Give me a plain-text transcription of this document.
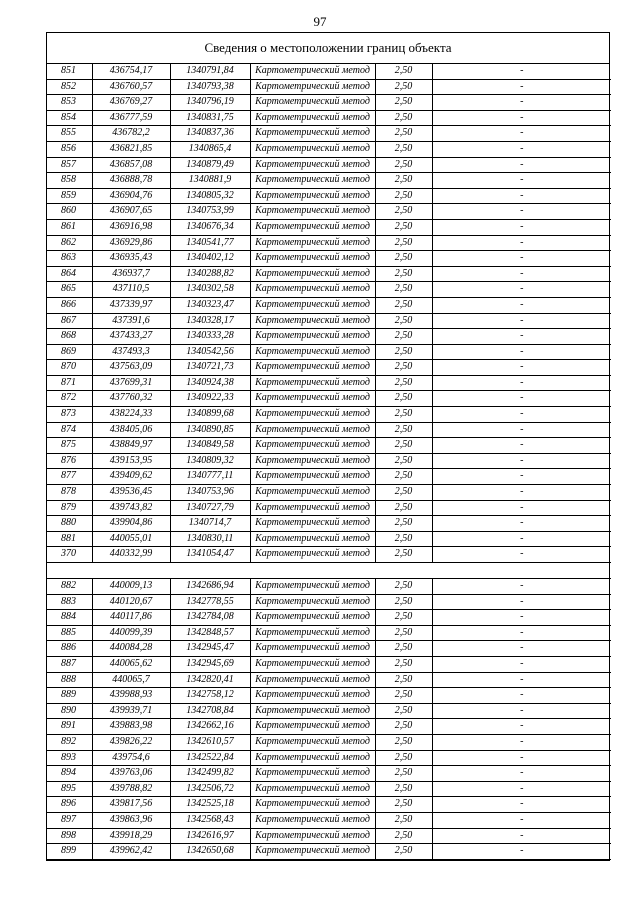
97
Сведения о местоположении границ объекта
851	436754,17	1340791,84	Картометрический метод	2,50	-
852	436760,57	1340793,38	Картометрический метод	2,50	-
853	436769,27	1340796,19	Картометрический метод	2,50	-
854	436777,59	1340831,75	Картометрический метод	2,50	-
855	436782,2	1340837,36	Картометрический метод	2,50	-
856	436821,85	1340865,4	Картометрический метод	2,50	-
857	436857,08	1340879,49	Картометрический метод	2,50	-
858	436888,78	1340881,9	Картометрический метод	2,50	-
859	436904,76	1340805,32	Картометрический метод	2,50	-
860	436907,65	1340753,99	Картометрический метод	2,50	-
861	436916,98	1340676,34	Картометрический метод	2,50	-
862	436929,86	1340541,77	Картометрический метод	2,50	-
863	436935,43	1340402,12	Картометрический метод	2,50	-
864	436937,7	1340288,82	Картометрический метод	2,50	-
865	437110,5	1340302,58	Картометрический метод	2,50	-
866	437339,97	1340323,47	Картометрический метод	2,50	-
867	437391,6	1340328,17	Картометрический метод	2,50	-
868	437433,27	1340333,28	Картометрический метод	2,50	-
869	437493,3	1340542,56	Картометрический метод	2,50	-
870	437563,09	1340721,73	Картометрический метод	2,50	-
871	437699,31	1340924,38	Картометрический метод	2,50	-
872	437760,32	1340922,33	Картометрический метод	2,50	-
873	438224,33	1340899,68	Картометрический метод	2,50	-
874	438405,06	1340890,85	Картометрический метод	2,50	-
875	438849,97	1340849,58	Картометрический метод	2,50	-
876	439153,95	1340809,32	Картометрический метод	2,50	-
877	439409,62	1340777,11	Картометрический метод	2,50	-
878	439536,45	1340753,96	Картометрический метод	2,50	-
879	439743,82	1340727,79	Картометрический метод	2,50	-
880	439904,86	1340714,7	Картометрический метод	2,50	-
881	440055,01	1340830,11	Картометрический метод	2,50	-
370	440332,99	1341054,47	Картометрический метод	2,50	-

882	440009,13	1342686,94	Картометрический метод	2,50	-
883	440120,67	1342778,55	Картометрический метод	2,50	-
884	440117,86	1342784,08	Картометрический метод	2,50	-
885	440099,39	1342848,57	Картометрический метод	2,50	-
886	440084,28	1342945,47	Картометрический метод	2,50	-
887	440065,62	1342945,69	Картометрический метод	2,50	-
888	440065,7	1342820,41	Картометрический метод	2,50	-
889	439988,93	1342758,12	Картометрический метод	2,50	-
890	439939,71	1342708,84	Картометрический метод	2,50	-
891	439883,98	1342662,16	Картометрический метод	2,50	-
892	439826,22	1342610,57	Картометрический метод	2,50	-
893	439754,6	1342522,84	Картометрический метод	2,50	-
894	439763,06	1342499,82	Картометрический метод	2,50	-
895	439788,82	1342506,72	Картометрический метод	2,50	-
896	439817,56	1342525,18	Картометрический метод	2,50	-
897	439863,96	1342568,43	Картометрический метод	2,50	-
898	439918,29	1342616,97	Картометрический метод	2,50	-
899	439962,42	1342650,68	Картометрический метод	2,50	-
